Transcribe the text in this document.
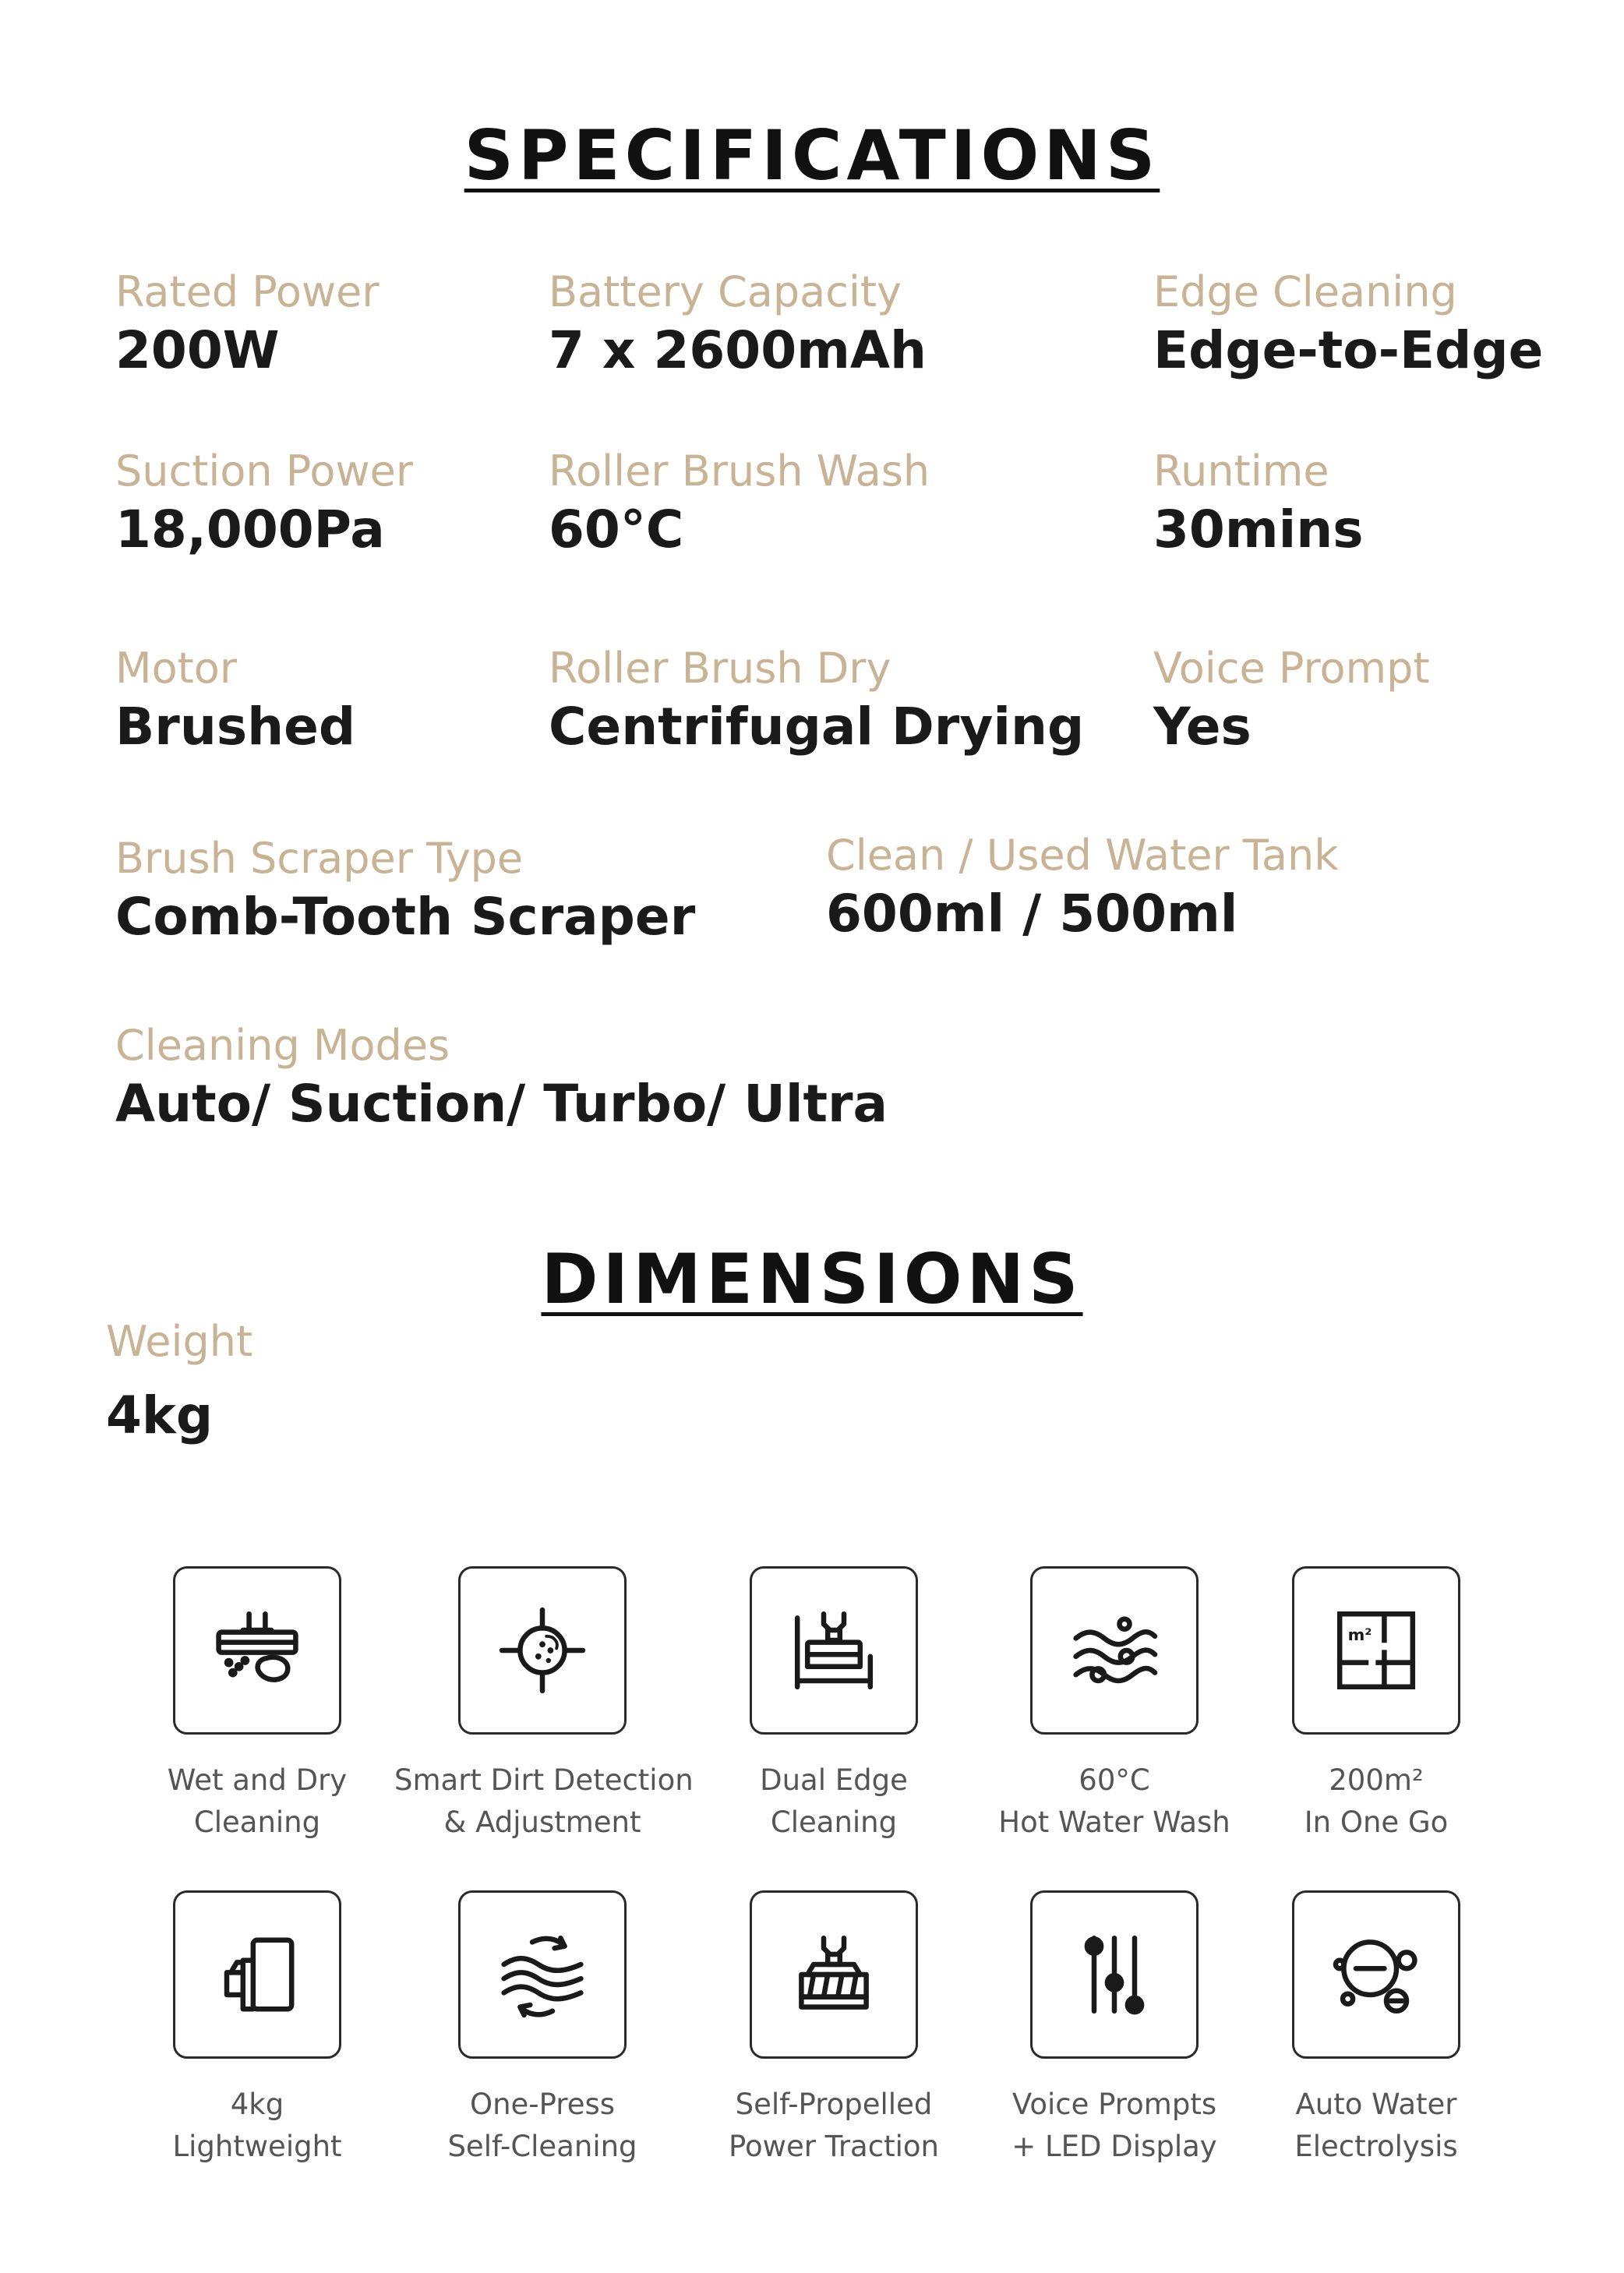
SPECIFICATIONS
Rated Power
200W
Battery Capacity
7 x 2600mAh
Edge Cleaning
Edge-to-Edge
Suction Power
18,000Pa
Roller Brush Wash
60°C
Runtime
30mins
Motor
Brushed
Roller Brush Dry
Centrifugal Drying
Voice Prompt
Yes
Brush Scraper Type
Comb-Tooth Scraper
Clean / Used Water Tank
600ml / 500ml
Cleaning Modes
Auto/ Suction/ Turbo/ Ultra
DIMENSIONS
Weight
4kg
Wet and Dry
Cleaning
Smart Dirt Detection
& Adjustment
Dual Edge
Cleaning
60°C
Hot Water Wash
m²
200m²
In One Go
4kg
Lightweight
One-Press
Self-Cleaning
Self-Propelled
Power Traction
Voice Prompts
+ LED Display
Auto Water
Electrolysis
